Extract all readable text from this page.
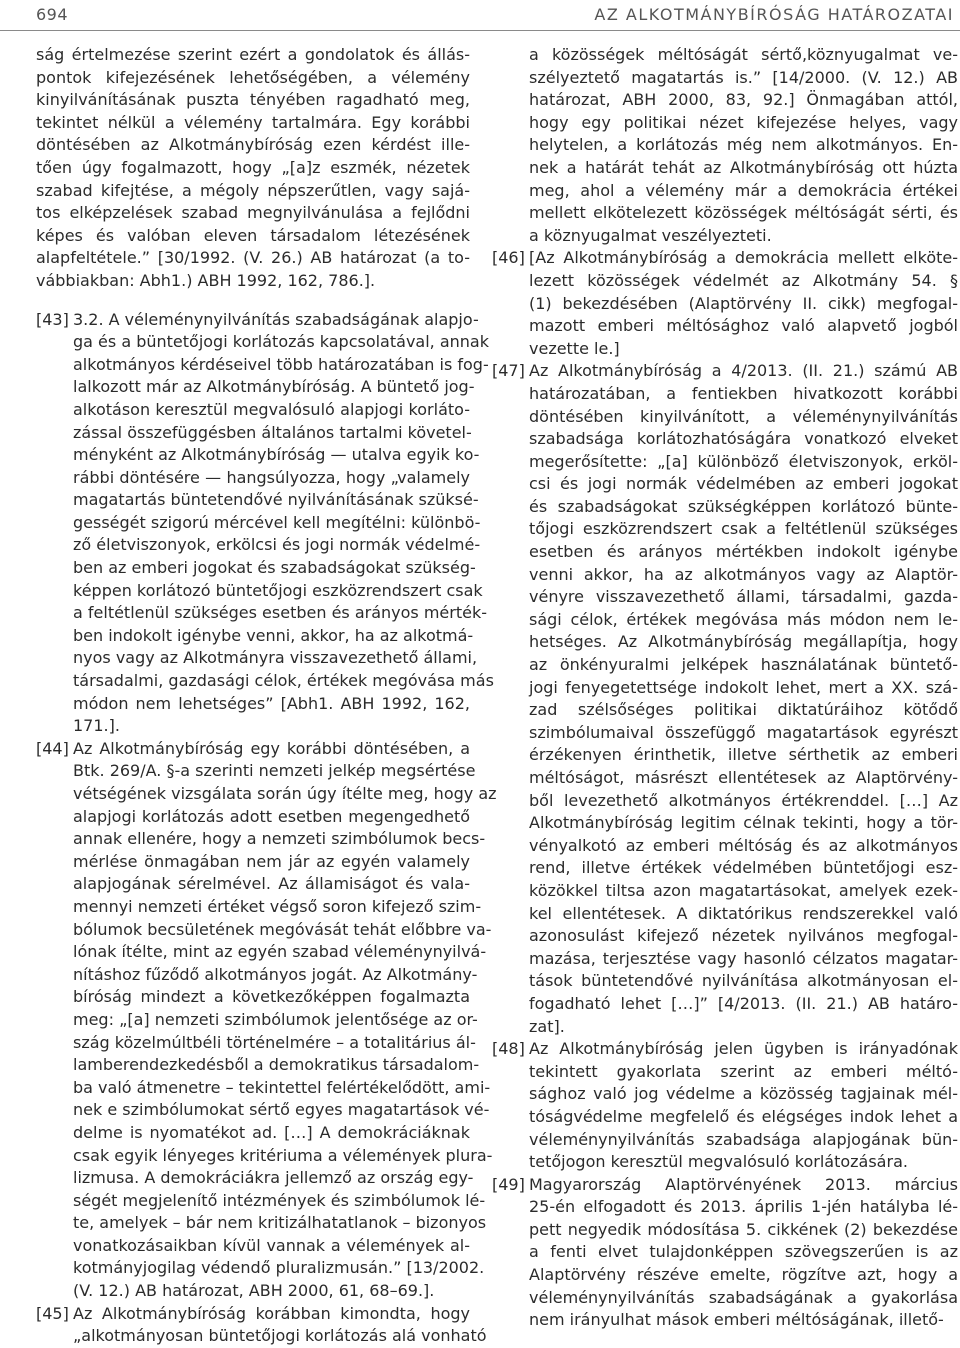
694	AZ ALKOTMÁNYBÍRÓSÁG HATÁROZATAI
ság értelmezése szerint ezért a gondolatok és állás-
pontok kifejezésének lehetőségében, a vélemény
kinyilvánításának puszta tényében ragadható meg,
tekintet nélkül a vélemény tartalmára. Egy korábbi
döntésében az Alkotmánybíróság ezen kérdést ille-
tően úgy fogalmazott, hogy „[a]z eszmék, nézetek
szabad kifejtése, a mégoly népszerűtlen, vagy sajá-
tos elképzelések szabad megnyilvánulása a fejlődni
képes és valóban eleven társadalom létezésének
alapfeltétele.” [30/1992. (V. 26.) AB határozat (a to-
vábbiakban: Abh1.) ABH 1992, 162, 786.].
[43] 3.2. A véleménynyilvánítás szabadságának alapjo-
ga és a büntetőjogi korlátozás kapcsolatával, annak
alkotmányos kérdéseivel több határozatában is fog-
lalkozott már az Alkotmánybíróság. A büntető jog-
alkotáson keresztül megvalósuló alapjogi korláto-
zással összefüggésben általános tartalmi követel-
ményként az Alkotmánybíróság — utalva egyik ko-
rábbi döntésére — hangsúlyozza, hogy „valamely
magatartás büntetendővé nyilvánításának szüksé-
gességét szigorú mércével kell megítélni: különbö-
ző életviszonyok, erkölcsi és jogi normák védelmé-
ben az emberi jogokat és szabadságokat szükség-
képpen korlátozó büntetőjogi eszközrendszert csak
a feltétlenül szükséges esetben és arányos mérték-
ben indokolt igénybe venni, akkor, ha az alkotmá-
nyos vagy az Alkotmányra visszavezethető állami,
társadalmi, gazdasági célok, értékek megóvása más
módon nem lehetséges” [Abh1. ABH 1992, 162,
171.].
[44] Az Alkotmánybíróság egy korábbi döntésében, a
Btk. 269/A. §-a szerinti nemzeti jelkép megsértése
vétségének vizsgálata során úgy ítélte meg, hogy az
alapjogi korlátozás adott esetben megengedhető
annak ellenére, hogy a nemzeti szimbólumok becs-
mérlése önmagában nem jár az egyén valamely
alapjogának sérelmével. Az államiságot és vala-
mennyi nemzeti értéket végső soron kifejező szim-
bólumok becsületének megóvását tehát előbbre va-
lónak ítélte, mint az egyén szabad véleménynyilvá-
nításhoz fűződő alkotmányos jogát. Az Alkotmány-
bíróság mindezt a következőképpen fogalmazta
meg: „[a] nemzeti szimbólumok jelentősége az or-
szág közelmúltbéli történelmére – a totalitárius ál-
lamberendezkedésből a demokratikus társadalom-
ba való átmenetre – tekintettel felértékelődött, ami-
nek e szimbólumokat sértő egyes magatartások vé-
delme is nyomatékot ad. […] A demokráciáknak
csak egyik lényeges kritériuma a vélemények plura-
lizmusa. A demokráciákra jellemző az ország egy-
ségét megjelenítő intézmények és szimbólumok lé-
te, amelyek – bár nem kritizálhatatlanok – bizonyos
vonatkozásaikban kívül vannak a vélemények al-
kotmányjogilag védendő pluralizmusán.” [13/2002.
(V. 12.) AB határozat, ABH 2000, 61, 68–69.].
[45] Az Alkotmánybíróság korábban kimondta, hogy
„alkotmányosan büntetőjogi korlátozás alá vonható
a közösségek méltóságát sértő,köznyugalmat ve-
szélyeztető magatartás is.” [14/2000. (V. 12.) AB
határozat, ABH 2000, 83, 92.] Önmagában attól,
hogy egy politikai nézet kifejezése helyes, vagy
helytelen, a korlátozás még nem alkotmányos. En-
nek a határát tehát az Alkotmánybíróság ott húzta
meg, ahol a vélemény már a demokrácia értékei
mellett elkötelezett közösségek méltóságát sérti, és
a köznyugalmat veszélyezteti.
[46] [Az Alkotmánybíróság a demokrácia mellett elköte-
lezett közösségek védelmét az Alkotmány 54. §
(1) bekezdésében (Alaptörvény II. cikk) megfogal-
mazott emberi méltósághoz való alapvető jogból
vezette le.]
[47] Az Alkotmánybíróság a 4/2013. (II. 21.) számú AB
határozatában, a fentiekben hivatkozott korábbi
döntésében kinyilvánított, a véleménynyilvánítás
szabadsága korlátozhatóságára vonatkozó elveket
megerősítette: „[a] különböző életviszonyok, erköl-
csi és jogi normák védelmében az emberi jogokat
és szabadságokat szükségképpen korlátozó bünte-
tőjogi eszközrendszert csak a feltétlenül szükséges
esetben és arányos mértékben indokolt igénybe
venni akkor, ha az alkotmányos vagy az Alaptör-
vényre visszavezethető állami, társadalmi, gazda-
sági célok, értékek megóvása más módon nem le-
hetséges. Az Alkotmánybíróság megállapítja, hogy
az önkényuralmi jelképek használatának büntető-
jogi fenyegetettsége indokolt lehet, mert a XX. szá-
zad szélsőséges politikai diktatúráihoz kötődő
szimbólumaival összefüggő magatartások egyrészt
érzékenyen érinthetik, illetve sérthetik az emberi
méltóságot, másrészt ellentétesek az Alaptörvény-
ből levezethető alkotmányos értékrenddel. […] Az
Alkotmánybíróság legitim célnak tekinti, hogy a tör-
vényalkotó az emberi méltóság és az alkotmányos
rend, illetve értékek védelmében büntetőjogi esz-
közökkel tiltsa azon magatartásokat, amelyek ezek-
kel ellentétesek. A diktatórikus rendszerekkel való
azonosulást kifejező nézetek nyilvános megfogal-
mazása, terjesztése vagy hasonló célzatos magatar-
tások büntetendővé nyilvánítása alkotmányosan el-
fogadható lehet […]” [4/2013. (II. 21.) AB határo-
zat].
[48] Az Alkotmánybíróság jelen ügyben is irányadónak
tekintett gyakorlata szerint az emberi méltó-
sághoz való jog védelme a közösség tagjainak mél-
tóságvédelme megfelelő és elégséges indok lehet a
véleménynyilvánítás szabadsága alapjogának bün-
tetőjogon keresztül megvalósuló korlátozására.
[49] Magyarország Alaptörvényének 2013. március
25-én elfogadott és 2013. április 1-jén hatályba lé-
pett negyedik módosítása 5. cikkének (2) bekezdése
a fenti elvet tulajdonképpen szövegszerűen is az
Alaptörvény részéve emelte, rögzítve azt, hogy a
véleménynyilvánítás szabadságának a gyakorlása
nem irányulhat mások emberi méltóságának, illető-
